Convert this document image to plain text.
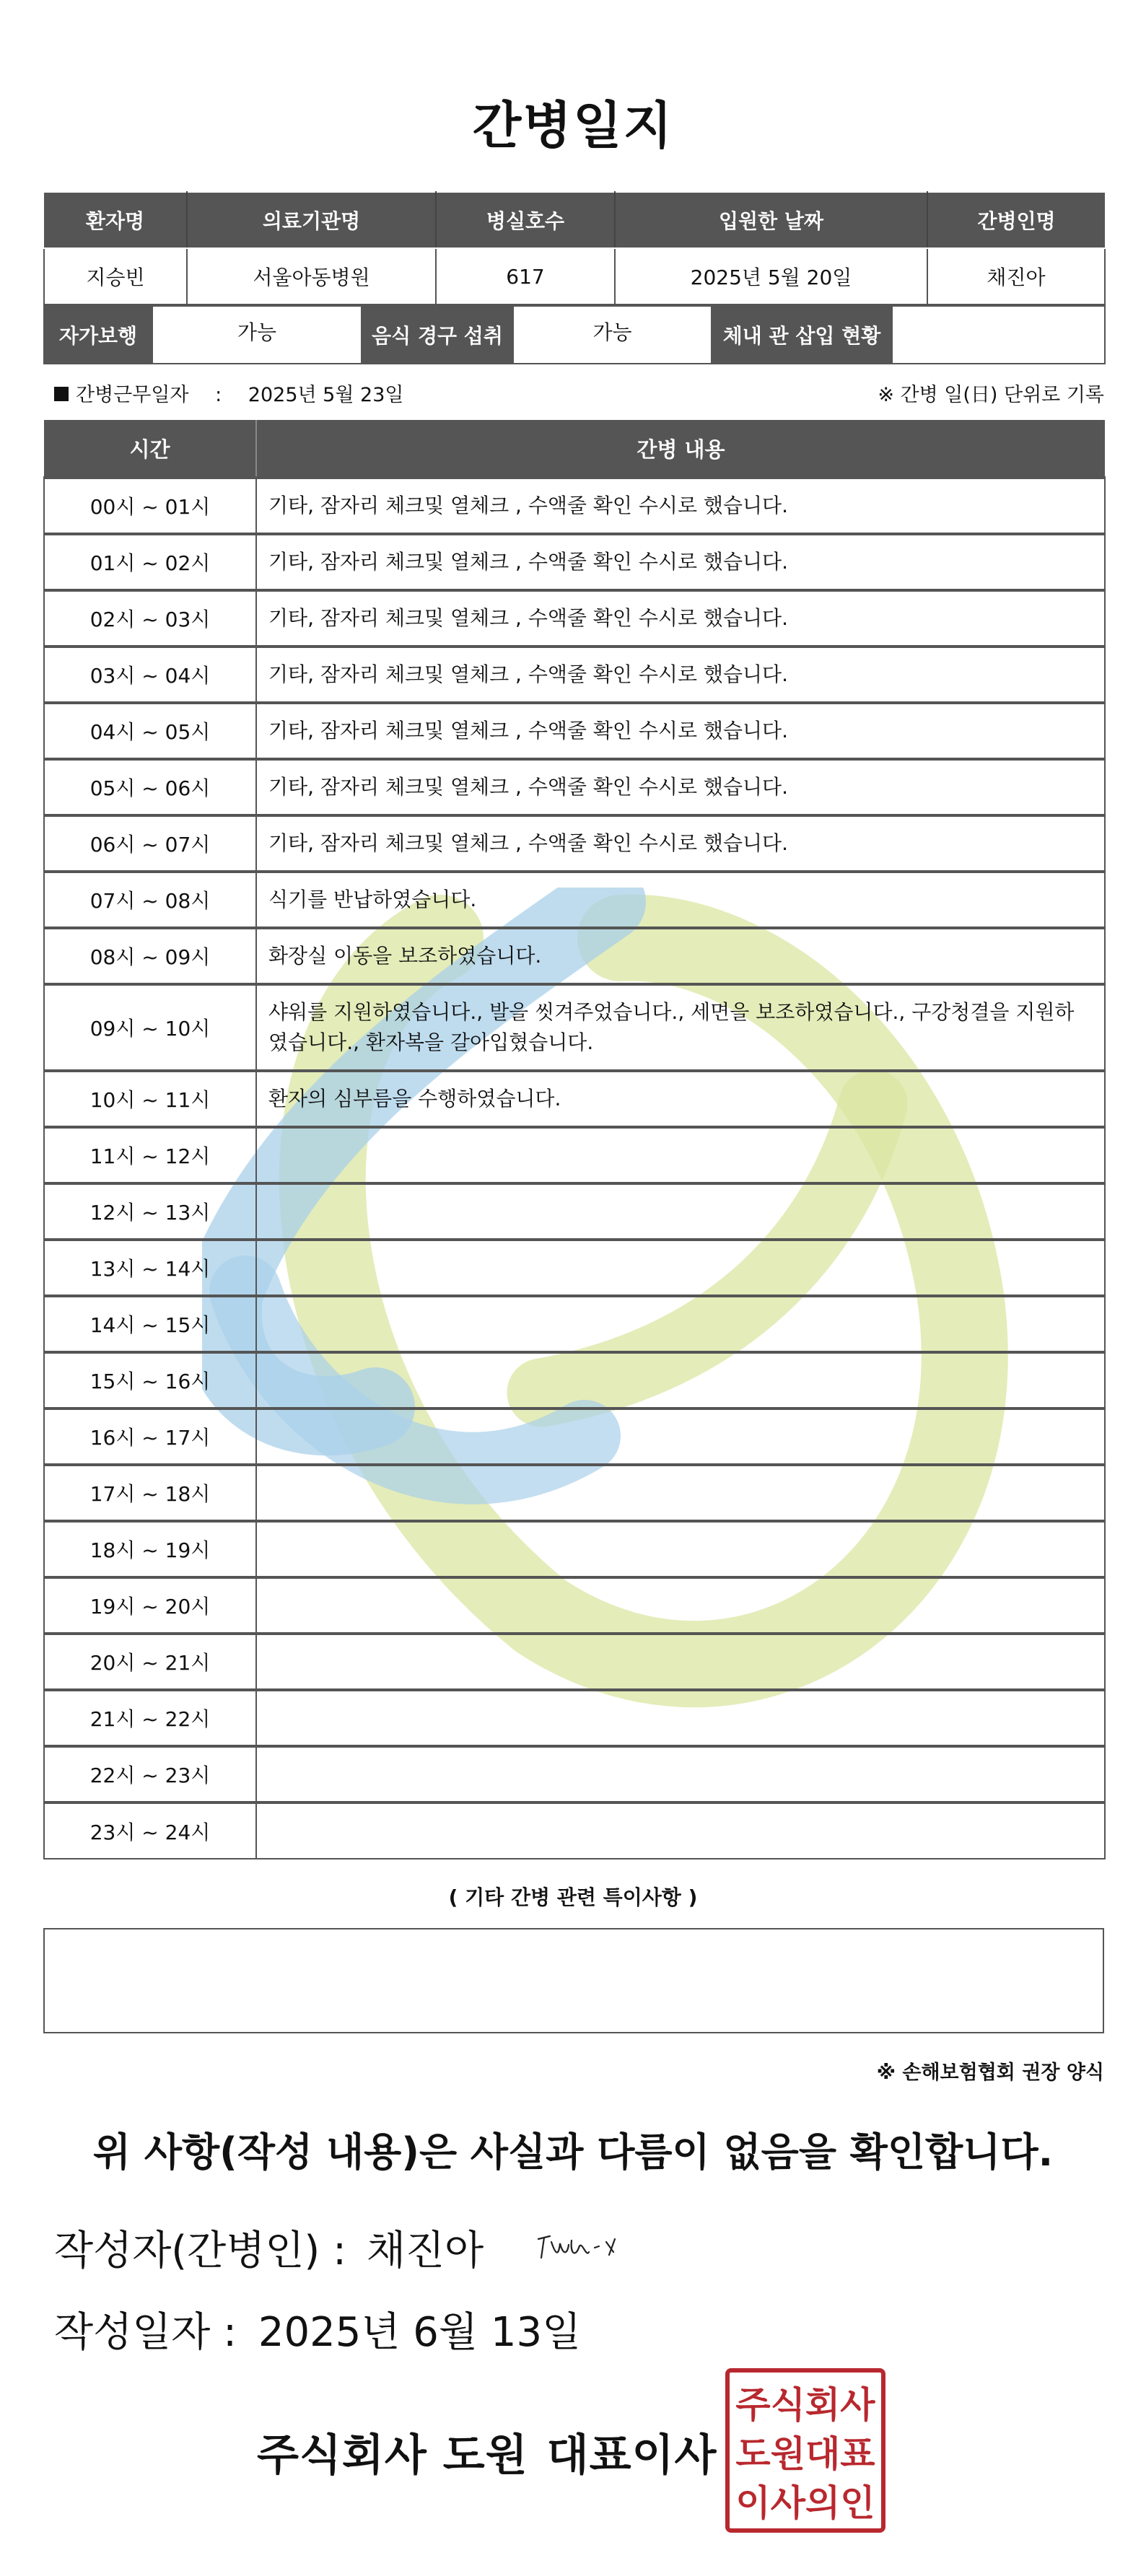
간병일지
환자명	의료기관명	병실호수	입원한 날짜	간병인명
지승빈	서울아동병원	617	2025년 5월 20일	채진아
자가보행	가능	음식 경구 섭취	가능	체내 관 삽입 현황	
간병근무일자 : 2025년 5월 23일	※ 간병 일(日) 단위로 기록
시간	간병 내용
00시 ~ 01시	기타, 잠자리 체크및 열체크 , 수액줄 확인 수시로 했습니다.
01시 ~ 02시	기타, 잠자리 체크및 열체크 , 수액줄 확인 수시로 했습니다.
02시 ~ 03시	기타, 잠자리 체크및 열체크 , 수액줄 확인 수시로 했습니다.
03시 ~ 04시	기타, 잠자리 체크및 열체크 , 수액줄 확인 수시로 했습니다.
04시 ~ 05시	기타, 잠자리 체크및 열체크 , 수액줄 확인 수시로 했습니다.
05시 ~ 06시	기타, 잠자리 체크및 열체크 , 수액줄 확인 수시로 했습니다.
06시 ~ 07시	기타, 잠자리 체크및 열체크 , 수액줄 확인 수시로 했습니다.
07시 ~ 08시	식기를 반납하였습니다.
08시 ~ 09시	화장실 이동을 보조하였습니다.
09시 ~ 10시	샤워를 지원하였습니다., 발을 씻겨주었습니다., 세면을 보조하였습니다., 구강청결을 지원하였습니다., 환자복을 갈아입혔습니다.
10시 ~ 11시	환자의 심부름을 수행하였습니다.
11시 ~ 12시	
12시 ~ 13시	
13시 ~ 14시	
14시 ~ 15시	
15시 ~ 16시	
16시 ~ 17시	
17시 ~ 18시	
18시 ~ 19시	
19시 ~ 20시	
20시 ~ 21시	
21시 ~ 22시	
22시 ~ 23시	
23시 ~ 24시	
( 기타 간병 관련 특이사항 )
※ 손해보험협회 권장 양식
위 사항(작성 내용)은 사실과 다름이 없음을 확인합니다.
작성자(간병인) : 채진아
작성일자 : 2025년 6월 13일
주식회사 도원 대표이사
주식회사
도원대표
이사의인
